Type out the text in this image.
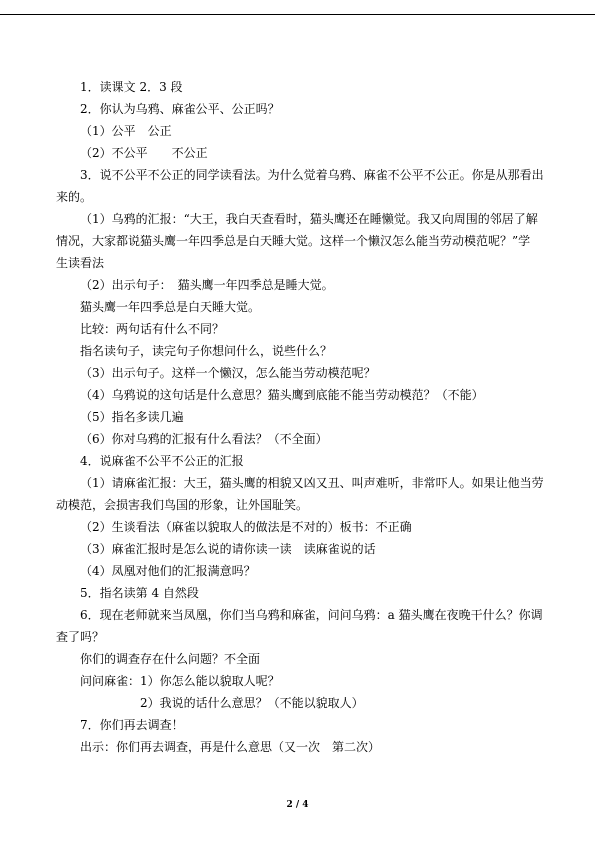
1．读课文 2．3 段
2．你认为乌鸦、麻雀公平、公正吗？
（1）公平　公正
（2）不公平　　不公正
3．说不公平不公正的同学读看法。为什么觉着乌鸦、麻雀不公平不公正。你是从那看出
来的。
（1）乌鸦的汇报：“大王，我白天查看时，猫头鹰还在睡懒觉。我又向周围的邻居了解
情况，大家都说猫头鹰一年四季总是白天睡大觉。这样一个懒汉怎么能当劳动模范呢？”学
生读看法
（2）出示句子：　猫头鹰一年四季总是睡大觉。
猫头鹰一年四季总是白天睡大觉。
比较：两句话有什么不同？
指名读句子，读完句子你想问什么，说些什么？
（3）出示句子。这样一个懒汉，怎么能当劳动模范呢？
（4）乌鸦说的这句话是什么意思？猫头鹰到底能不能当劳动模范？（不能）
（5）指名多读几遍
（6）你对乌鸦的汇报有什么看法？（不全面）
4．说麻雀不公平不公正的汇报
（1）请麻雀汇报：大王，猫头鹰的相貌又凶又丑、叫声难听，非常吓人。如果让他当劳
动模范，会损害我们鸟国的形象，让外国耻笑。
（2）生谈看法（麻雀以貌取人的做法是不对的）板书：不正确
（3）麻雀汇报时是怎么说的请你读一读　读麻雀说的话
（4）凤凰对他们的汇报满意吗？
5．指名读第 4 自然段
6．现在老师就来当凤凰，你们当乌鸦和麻雀，问问乌鸦：a 猫头鹰在夜晚干什么？你调
查了吗？
你们的调查存在什么问题？不全面
问问麻雀：1）你怎么能以貌取人呢？
2）我说的话什么意思？（不能以貌取人）
7．你们再去调查！
出示：你们再去调查，再是什么意思（又一次　第二次）
2 / 4
